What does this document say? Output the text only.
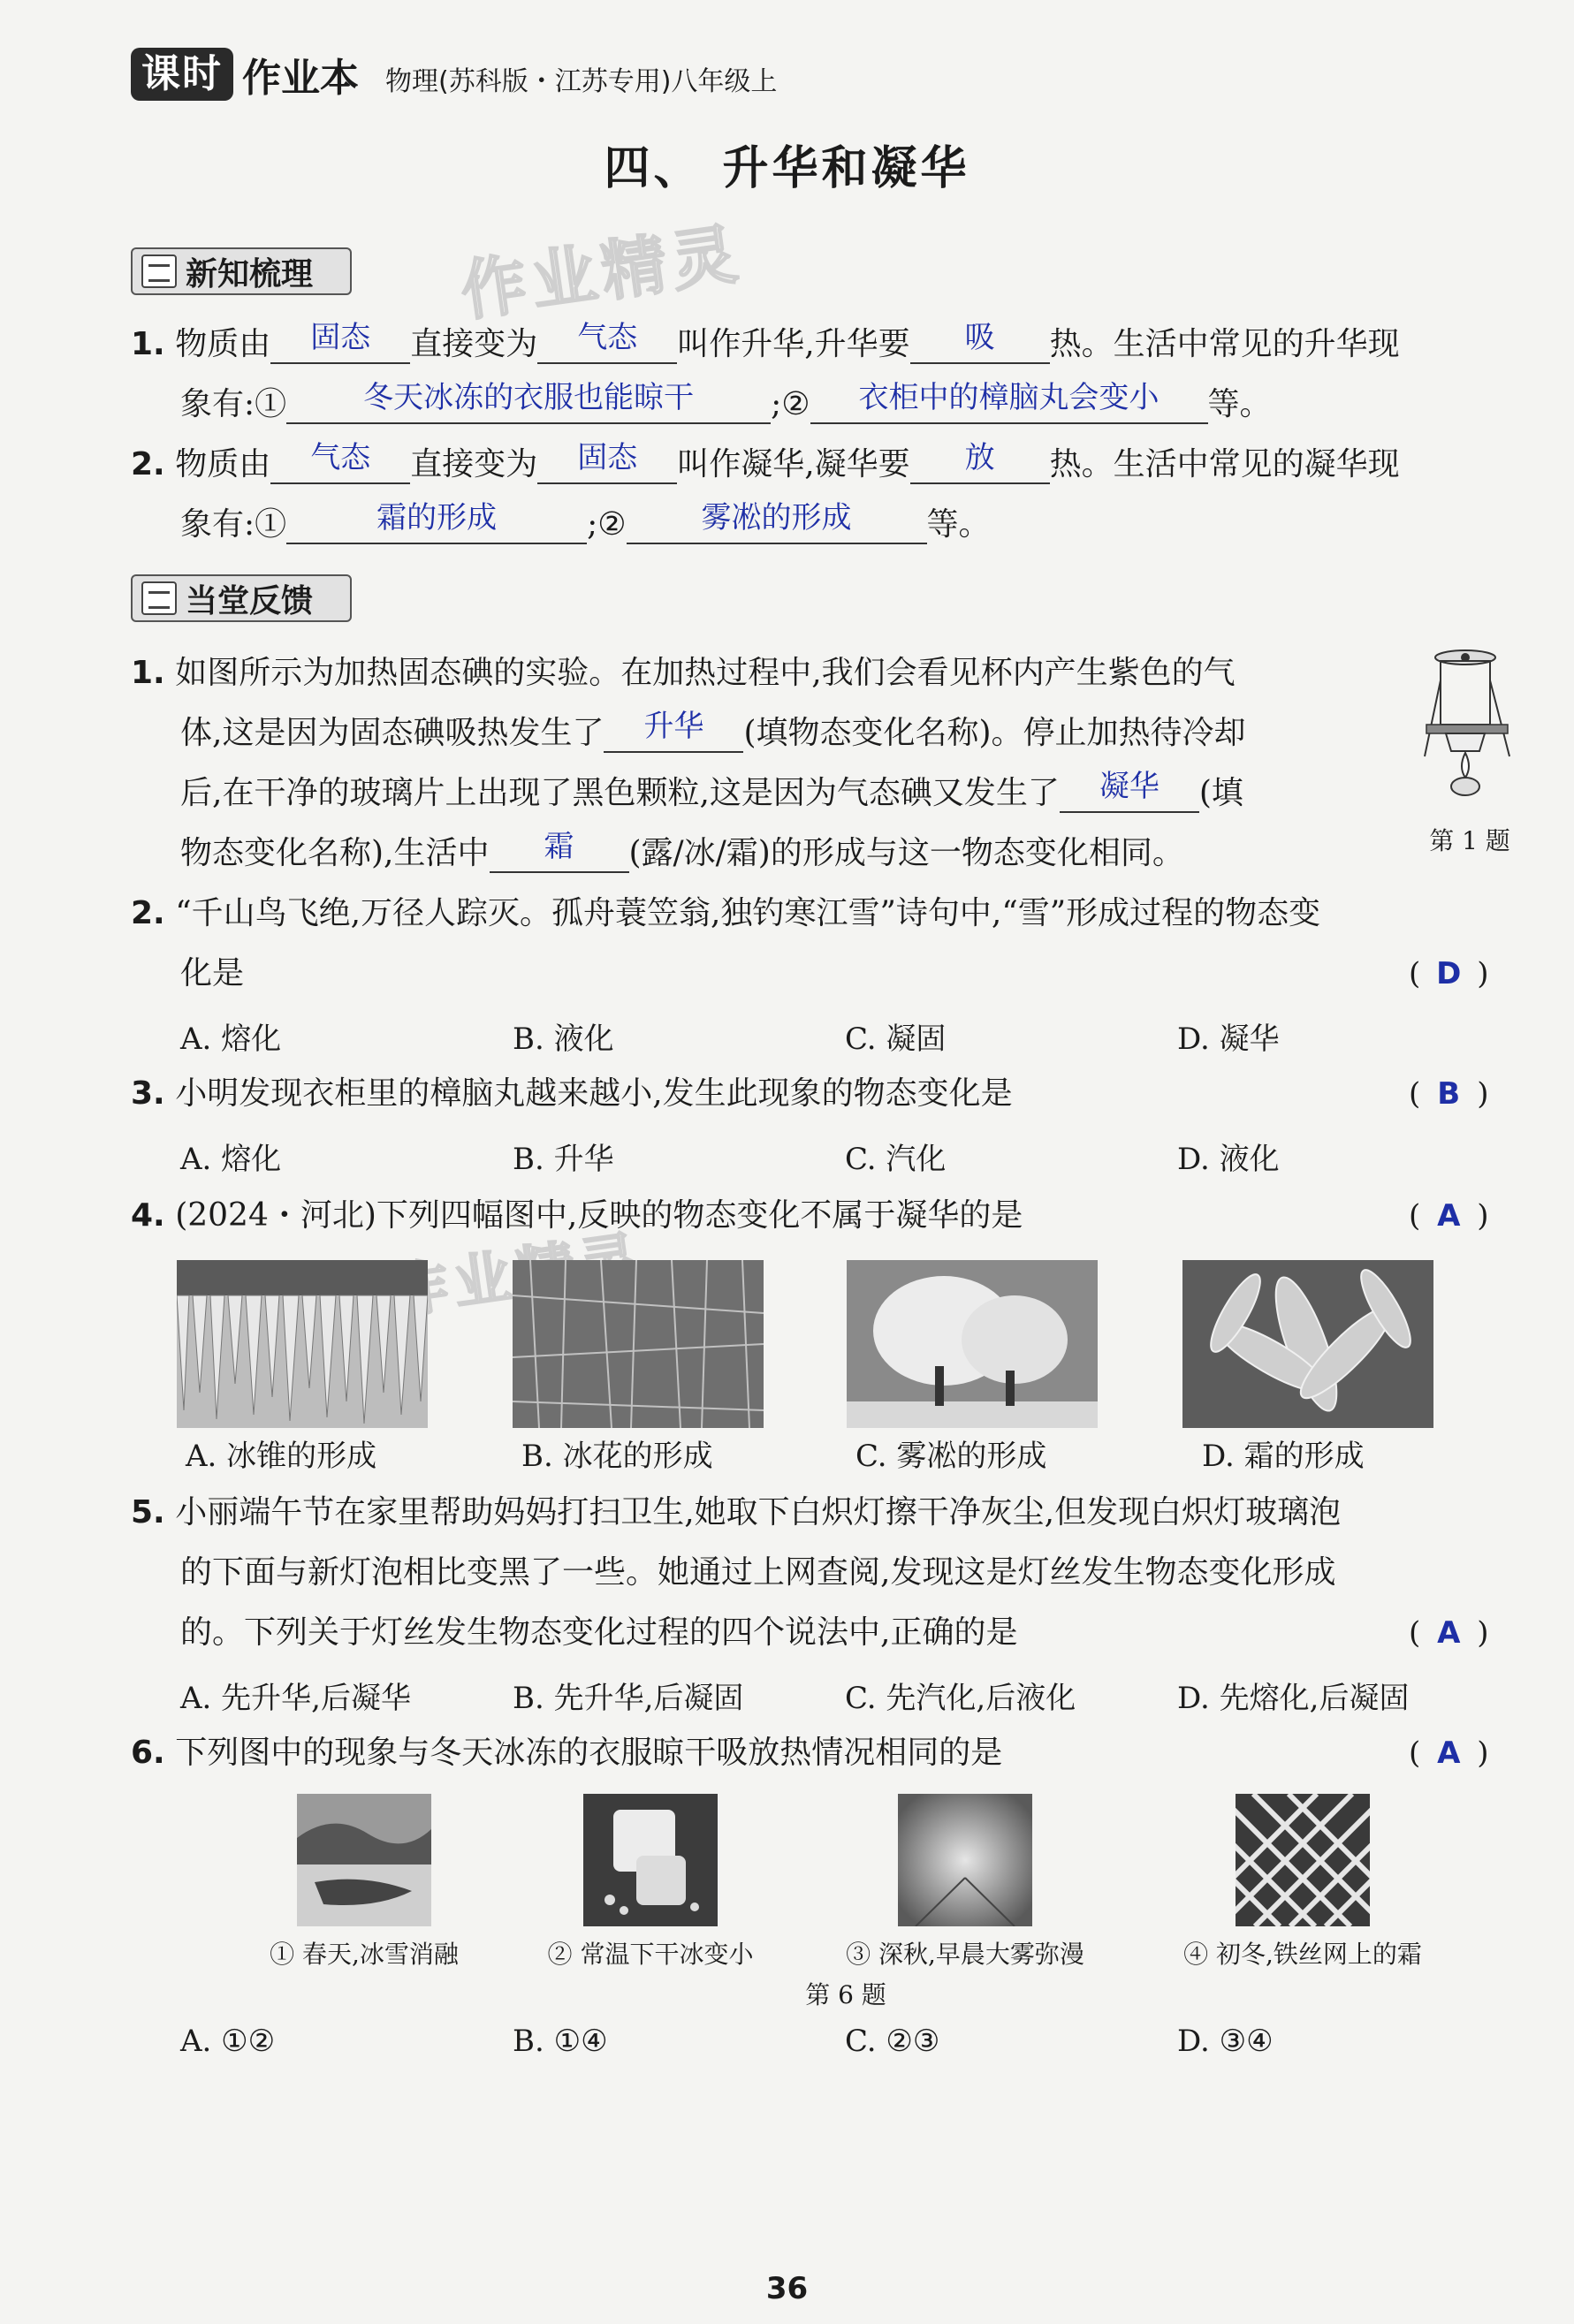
课时 作业本 物理(苏科版・江苏专用)八年级上
四、 升华和凝华
作业精灵
新知梳理
1. 物质由	固态	直接变为	气态	叫作升华,升华要	吸	热。生活中常见的升华现
象有:①	冬天冰冻的衣服也能晾干	;②	衣柜中的樟脑丸会变小	等。
2. 物质由	气态	直接变为	固态	叫作凝华,凝华要	放	热。生活中常见的凝华现
象有:①	霜的形成	;②	雾凇的形成	等。
当堂反馈
1. 如图所示为加热固态碘的实验。在加热过程中,我们会看见杯内产生紫色的气
体,这是因为固态碘吸热发生了	升华	(填物态变化名称)。停止加热待冷却
后,在干净的玻璃片上出现了黑色颗粒,这是因为气态碘又发生了	凝华	(填
物态变化名称),生活中	霜	(露/冰/霜)的形成与这一物态变化相同。	第 1 题
2. “千山鸟飞绝,万径人踪灭。孤舟蓑笠翁,独钓寒江雪”诗句中,“雪”形成过程的物态变
化是	( D )
A. 熔化	B. 液化	C. 凝固	D. 凝华
3. 小明发现衣柜里的樟脑丸越来越小,发生此现象的物态变化是	( B )
A. 熔化	B. 升华	C. 汽化	D. 液化
4. (2024・河北)下列四幅图中,反映的物态变化不属于凝华的是	( A )
A. 冰锥的形成	B. 冰花的形成	C. 雾凇的形成	D. 霜的形成
5. 小丽端午节在家里帮助妈妈打扫卫生,她取下白炽灯擦干净灰尘,但发现白炽灯玻璃泡
的下面与新灯泡相比变黑了一些。她通过上网查阅,发现这是灯丝发生物态变化形成
的。下列关于灯丝发生物态变化过程的四个说法中,正确的是	( A )
A. 先升华,后凝华	B. 先升华,后凝固	C. 先汽化,后液化	D. 先熔化,后凝固
6. 下列图中的现象与冬天冰冻的衣服晾干吸放热情况相同的是	( A )
① 春天,冰雪消融	② 常温下干冰变小	③ 深秋,早晨大雾弥漫	④ 初冬,铁丝网上的霜
第 6 题
A. ①②	B. ①④	C. ②③	D. ③④
36
